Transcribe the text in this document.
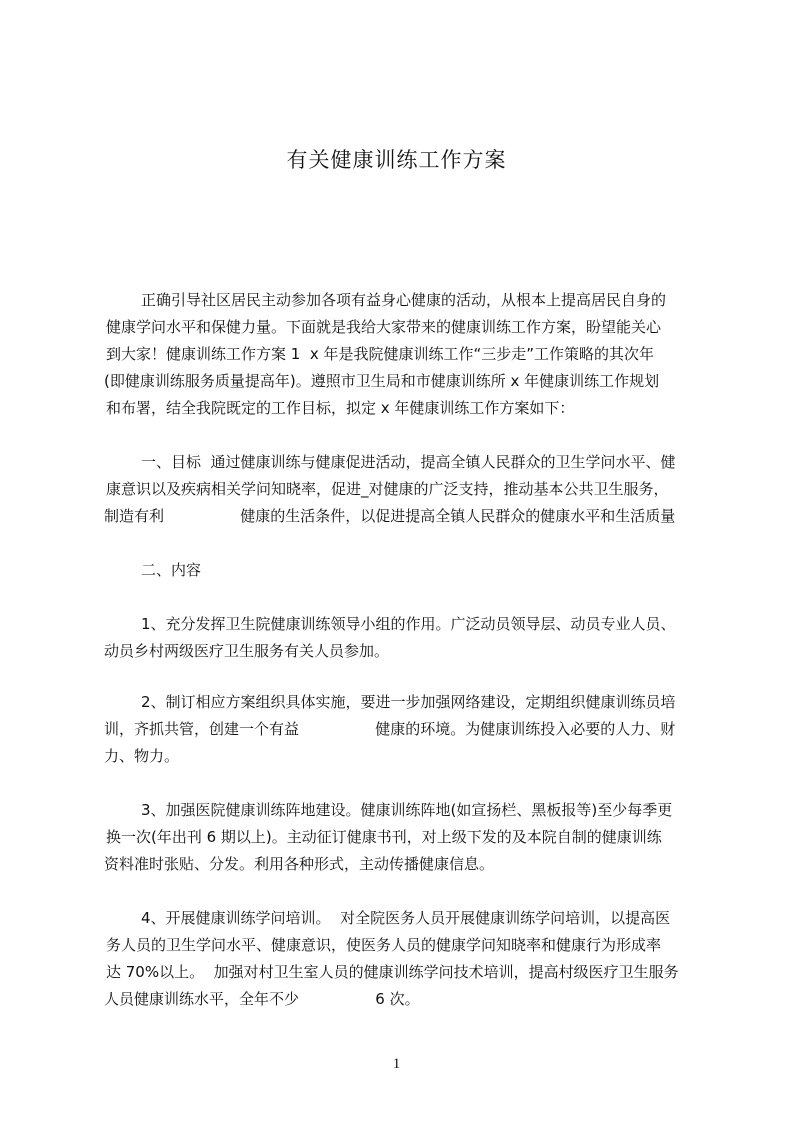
有关健康训练工作方案
正确引导社区居民主动参加各项有益身心健康的活动，从根本上提高居民自身的
健康学问水平和保健力量。下面就是我给大家带来的健康训练工作方案，盼望能关心
到大家！健康训练工作方案 1  x 年是我院健康训练工作“三步走”工作策略的其次年
(即健康训练服务质量提高年)。遵照市卫生局和市健康训练所 x 年健康训练工作规划
和布署，结全我院既定的工作目标，拟定 x 年健康训练工作方案如下：
一、目标  通过健康训练与健康促进活动，提高全镇人民群众的卫生学问水平、健
康意识以及疾病相关学问知晓率，促进_对健康的广泛支持，推动基本公共卫生服务，
制造有利                健康的生活条件，以促进提高全镇人民群众的健康水平和生活质量
二、内容
1、充分发挥卫生院健康训练领导小组的作用。广泛动员领导层、动员专业人员、
动员乡村两级医疗卫生服务有关人员参加。
2、制订相应方案组织具体实施，要进一步加强网络建设，定期组织健康训练员培
训，齐抓共管，创建一个有益                健康的环境。为健康训练投入必要的人力、财
力、物力。
3、加强医院健康训练阵地建设。健康训练阵地(如宣扬栏、黑板报等)至少每季更
换一次(年出刊 6 期以上)。主动征订健康书刊，对上级下发的及本院自制的健康训练
资料准时张贴、分发。利用各种形式，主动传播健康信息。
4、开展健康训练学问培训。  对全院医务人员开展健康训练学问培训，以提高医
务人员的卫生学问水平、健康意识，使医务人员的健康学问知晓率和健康行为形成率
达 70%以上。  加强对村卫生室人员的健康训练学问技术培训，提高村级医疗卫生服务
人员健康训练水平，全年不少                6 次。
1
